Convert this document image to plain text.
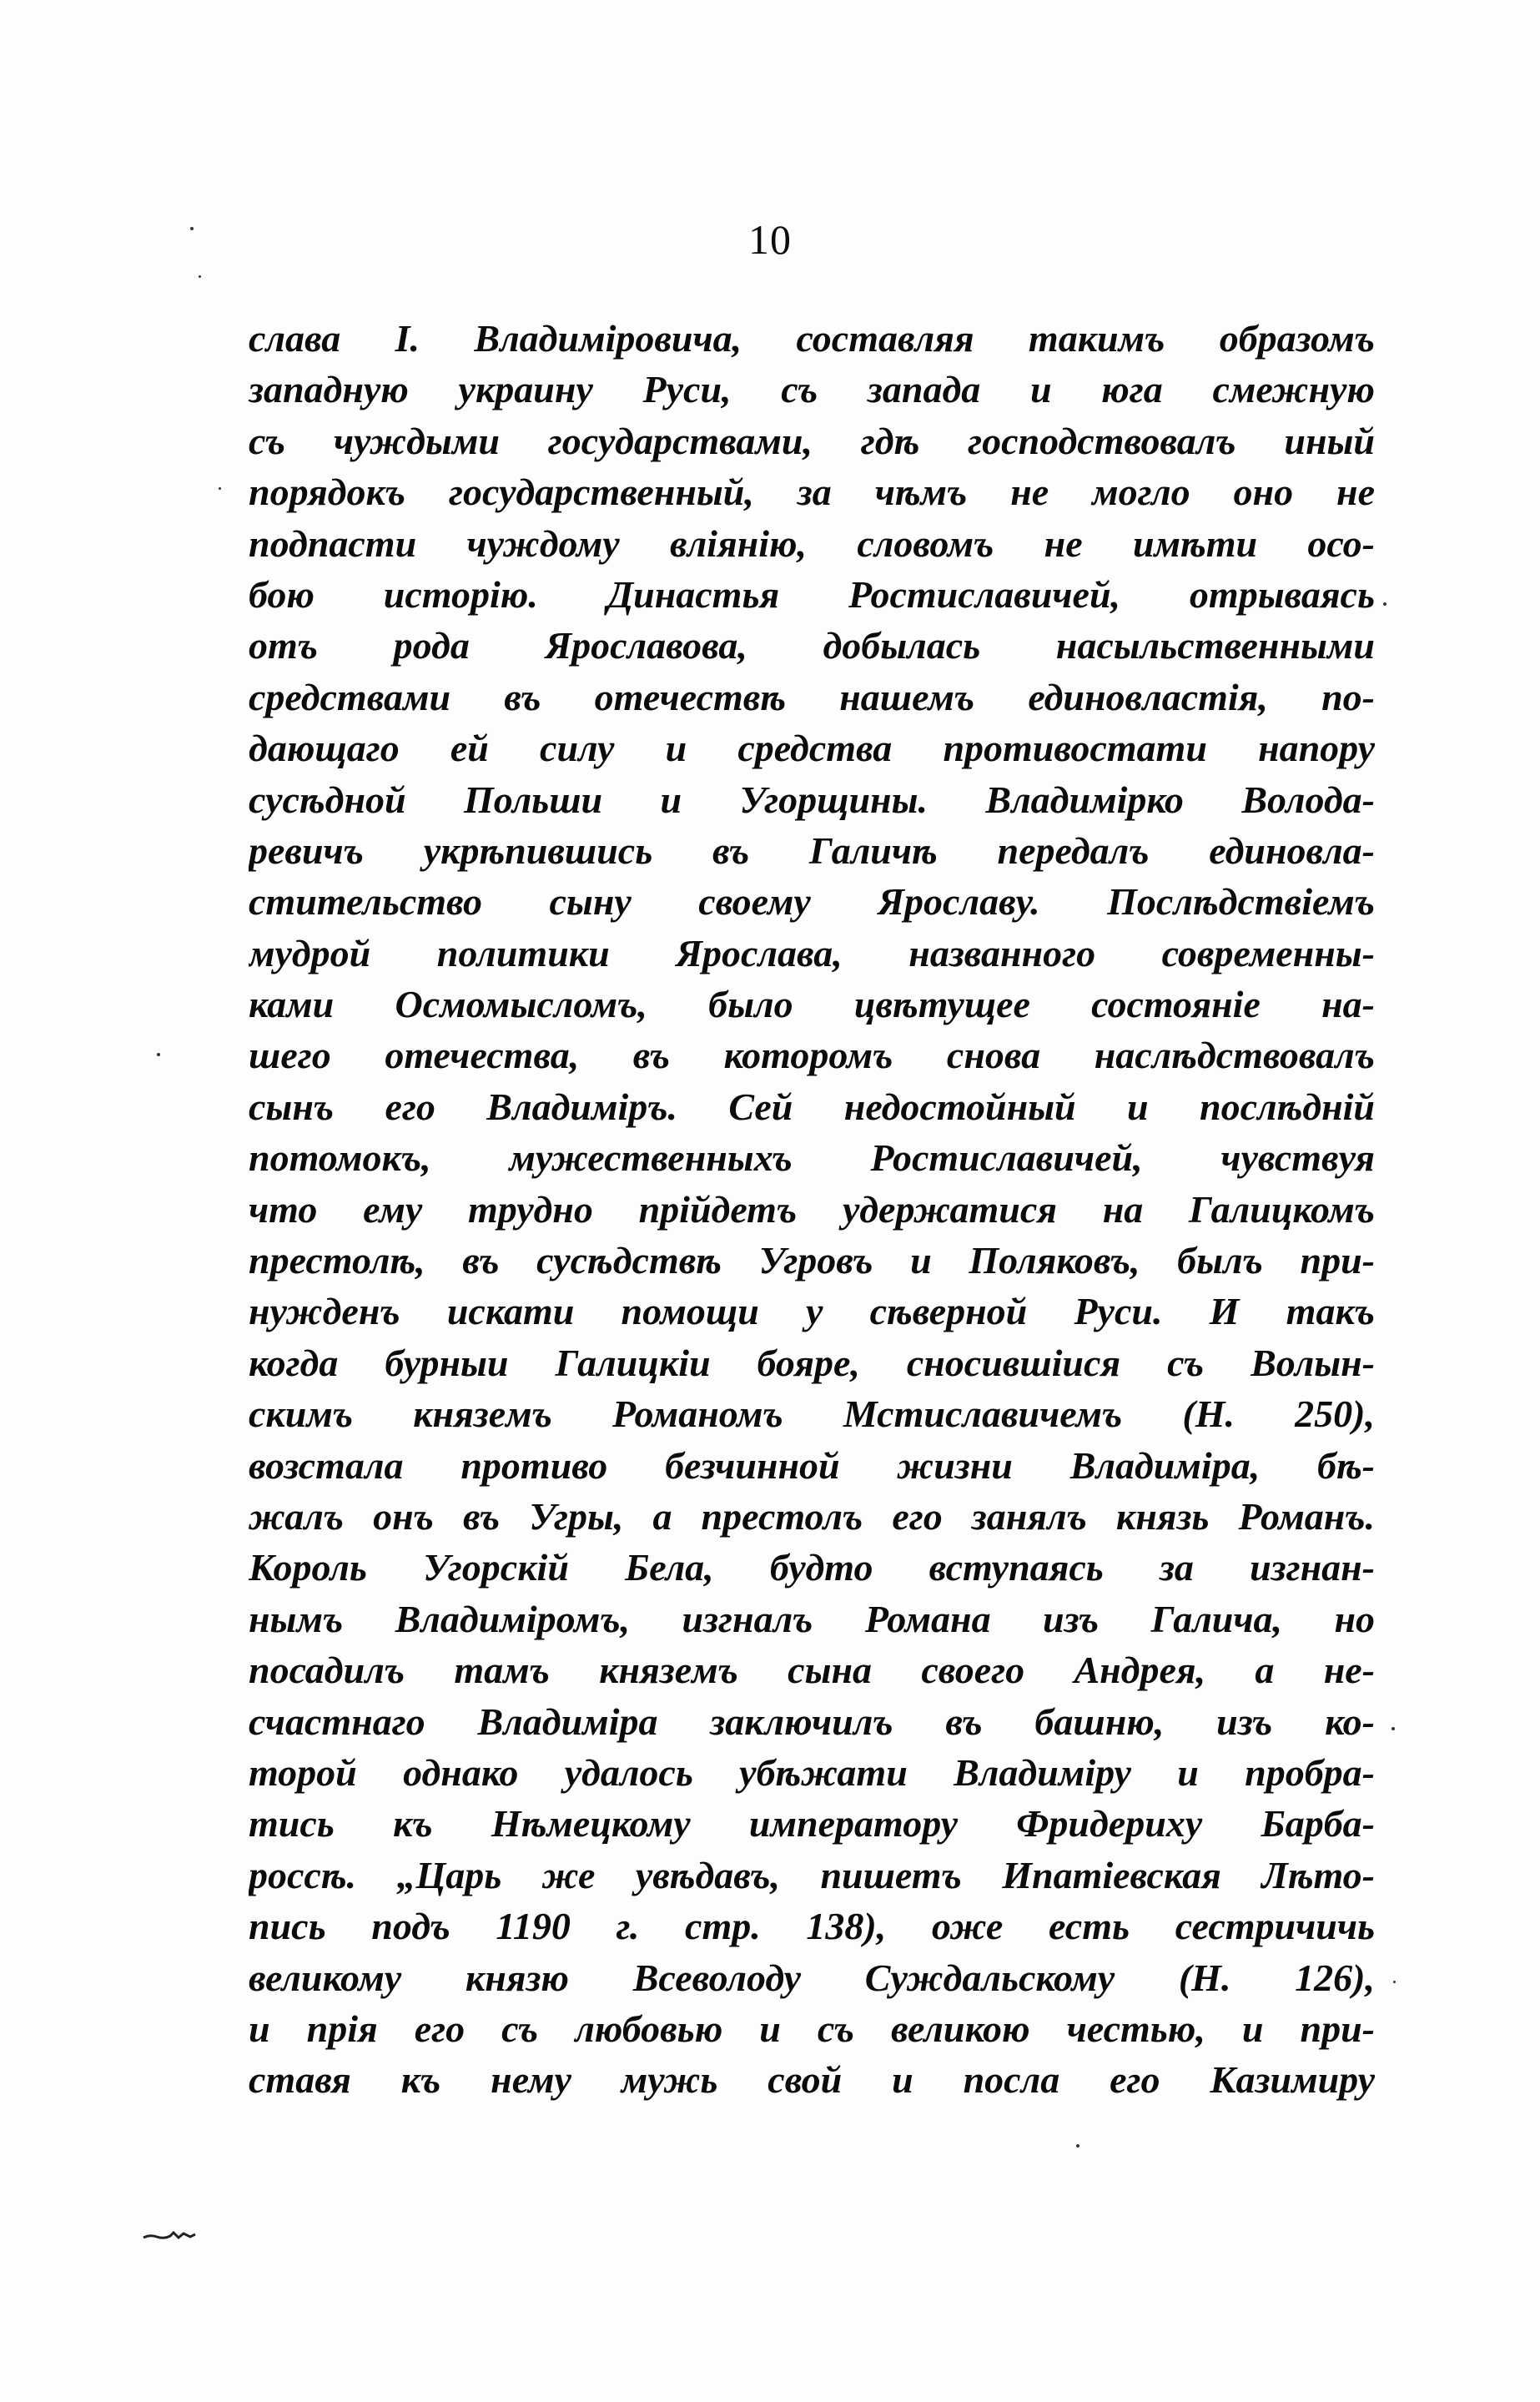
10
слава І. Владиміровича, составляя такимъ образомъ
западную украину Руси, съ запада и юга смежную
съ чуждыми государствами, гдѣ господствовалъ иный
порядокъ государственный, за чѣмъ не могло оно не
подпасти чуждому вліянію, словомъ не имѣти осо-
бою исторію. Династья Ростиславичей, отрываясь
отъ рода Ярославова, добылась насыльственными
средствами въ отечествѣ нашемъ единовластія, по-
дающаго ей силу и средства противостати напору
сусѣдной Польши и Угорщины. Владимірко Володa-
ревичъ укрѣпившись въ Галичѣ передалъ единовла-
стительство сыну своему Ярославу. Послѣдствіемъ
мудрой политики Ярослава, названного современны-
ками Осмомысломъ, было цвѣтущее состояніе на-
шего отечества, въ которомъ снова наслѣдствовалъ
сынъ его Владиміръ. Сей недостойный и послѣдній
потомокъ, мужественныхъ Ростиславичей, чувствуя
что ему трудно прійдетъ удержатися на Галицкомъ
престолѣ, въ сусѣдствѣ Угровъ и Поляковъ, былъ при-
нужденъ искати помощи у сѣверной Руси. И такъ
когда бурныи Галицкіи бояре, сносившіися съ Волын-
скимъ князeмъ Романомъ Мстиславичемъ (Н. 250),
возстала противо безчинной жизни Владиміра, бѣ-
жалъ онъ въ Угры, а престолъ его занялъ князь Романъ.
Король Угорскій Бела, будто вступаясь за изгнан-
нымъ Владиміромъ, изгналъ Романа изъ Галича, но
посадилъ тамъ князeмъ сына своего Андрея, а не-
счастнаго Владиміра заключилъ въ башню, изъ ко-
торой однако удалось убѣжати Владиміру и пробра-
тись къ Нѣмецкому императору Фридериху Барба-
россѣ. „Царь же увѣдавъ, пишетъ Ипатіевская Лѣто-
пись подъ 1190 г. стр. 138), оже есть сестричичь
великому князю Всеволоду Суждальскому (Н. 126),
и прія его съ любовью и съ великою честью, и при-
ставя къ нему мужь свой и посла его Казимиру
